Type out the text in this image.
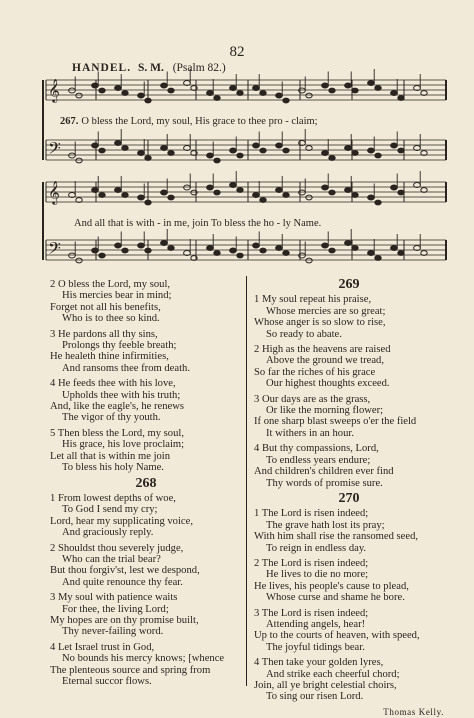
82
HANDEL. S. M. (Psalm 82.)
𝄞
𝄢
𝄞
𝄢
267. O bless the Lord, my soul, His grace to thee pro - claim;
And all that is with - in me, join To bless the ho - ly Name.
2 O bless the Lord, my soul,
His mercies bear in mind;
Forget not all his benefits,
Who is to thee so kind.
3 He pardons all thy sins,
Prolongs thy feeble breath;
He healeth thine infirmities,
And ransoms thee from death.
4 He feeds thee with his love,
Upholds thee with his truth;
And, like the eagle's, he renews
The vigor of thy youth.
5 Then bless the Lord, my soul,
His grace, his love proclaim;
Let all that is within me join
To bless his holy Name.
268
1 From lowest depths of woe,
To God I send my cry;
Lord, hear my supplicating voice,
And graciously reply.
2 Shouldst thou severely judge,
Who can the trial bear?
But thou forgiv'st, lest we despond,
And quite renounce thy fear.
3 My soul with patience waits
For thee, the living Lord;
My hopes are on thy promise built,
Thy never-failing word.
4 Let Israel trust in God,
No bounds his mercy knows; [whence
The plenteous source and spring from
Eternal succor flows.
269
1 My soul repeat his praise,
Whose mercies are so great;
Whose anger is so slow to rise,
So ready to abate.
2 High as the heavens are raised
Above the ground we tread,
So far the riches of his grace
Our highest thoughts exceed.
3 Our days are as the grass,
Or like the morning flower;
If one sharp blast sweeps o'er the field
It withers in an hour.
4 But thy compassions, Lord,
To endless years endure;
And children's children ever find
Thy words of promise sure.
270
1 The Lord is risen indeed;
The grave hath lost its pray;
With him shall rise the ransomed seed,
To reign in endless day.
2 The Lord is risen indeed;
He lives to die no more;
He lives, his people's cause to plead,
Whose curse and shame he bore.
3 The Lord is risen indeed;
Attending angels, hear!
Up to the courts of heaven, with speed,
The joyful tidings bear.
4 Then take your golden lyres,
And strike each cheerful chord;
Join, all ye bright celestial choirs,
To sing our risen Lord.
Thomas Kelly.
